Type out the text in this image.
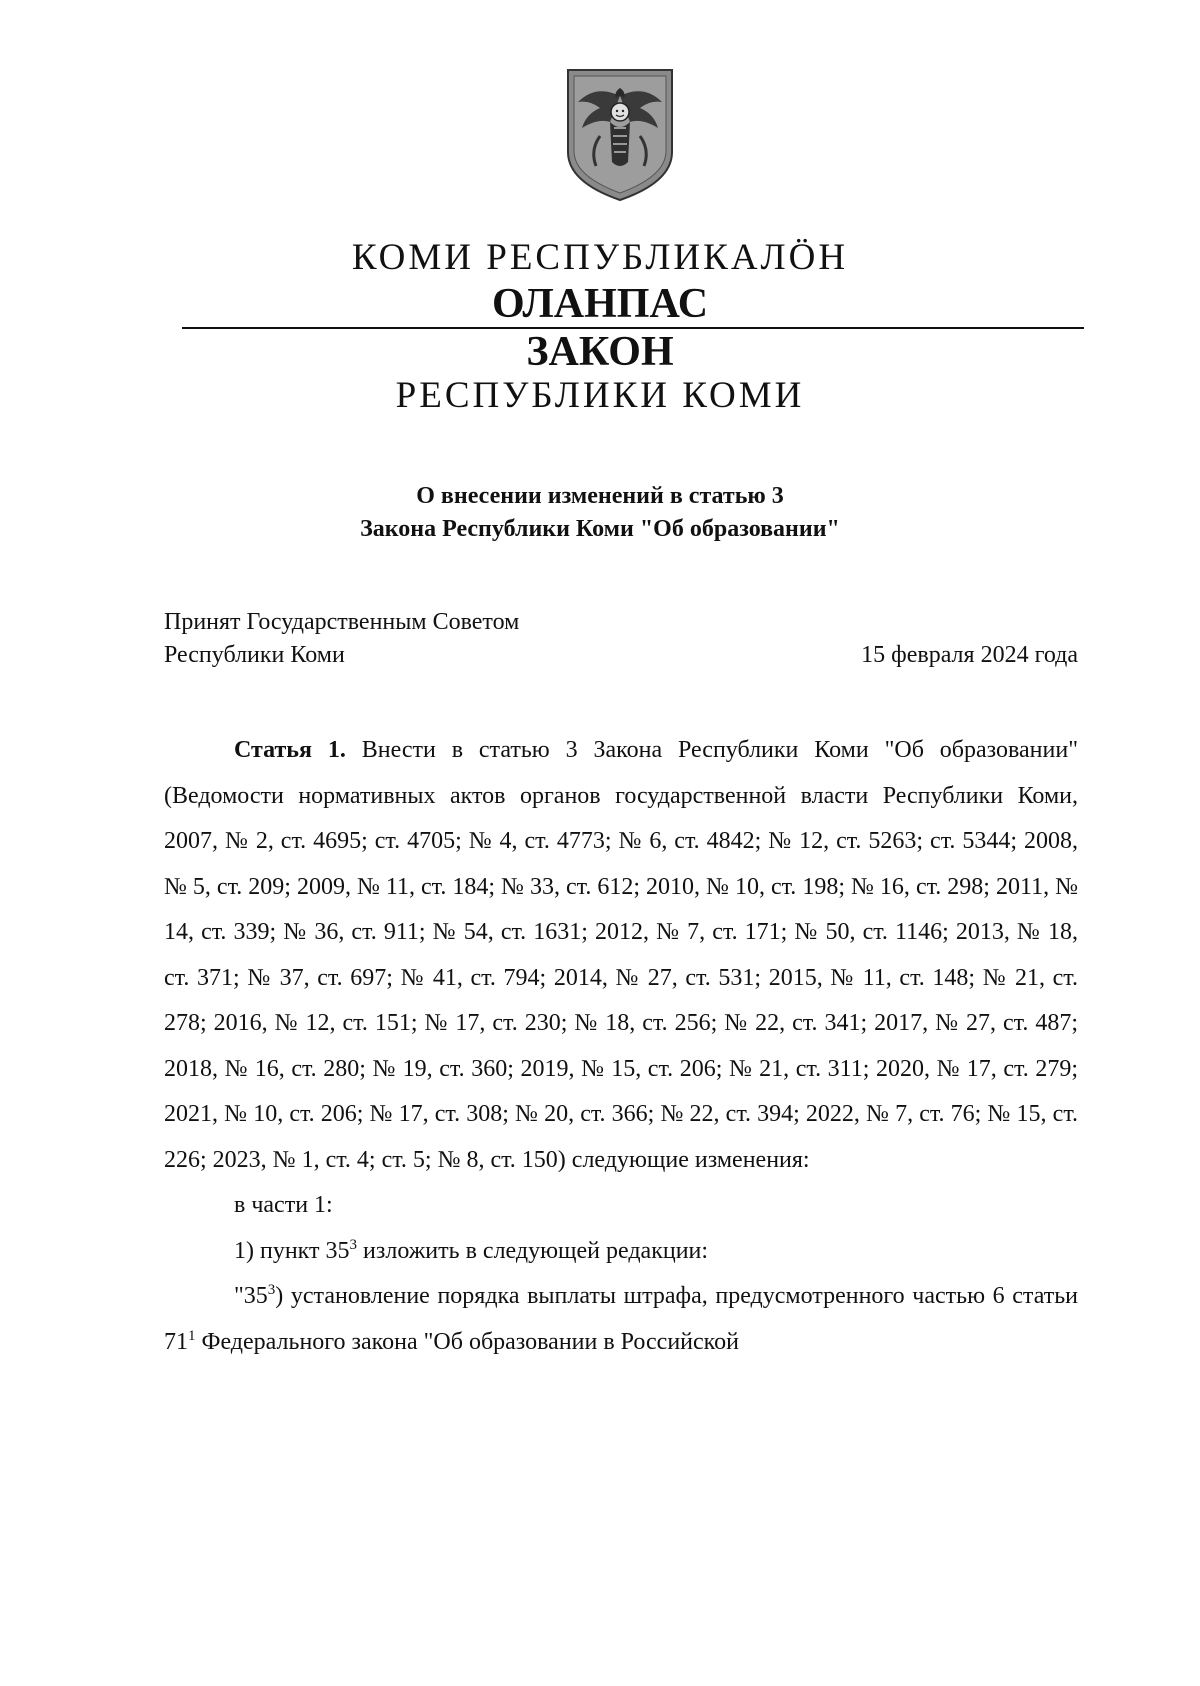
КОМИ РЕСПУБЛИКАЛӦН
ОЛАНПАС
ЗАКОН
РЕСПУБЛИКИ КОМИ
О внесении изменений в статью 3
Закона Республики Коми "Об образовании"
Принят Государственным Советом
Республики Коми	15 февраля 2024 года

Статья 1. Внести в статью 3 Закона Республики Коми "Об образовании" (Ведомости нормативных актов органов государственной власти Республики Коми, 2007, № 2, ст. 4695; ст. 4705; № 4, ст. 4773; № 6, ст. 4842; № 12, ст. 5263; ст. 5344; 2008, № 5, ст. 209; 2009, № 11, ст. 184; № 33, ст. 612; 2010, № 10, ст. 198; № 16, ст. 298; 2011, № 14, ст. 339; № 36, ст. 911; № 54, ст. 1631; 2012, № 7, ст. 171; № 50, ст. 1146; 2013, № 18, ст. 371; № 37, ст. 697; № 41, ст. 794; 2014, № 27, ст. 531; 2015, № 11, ст. 148; № 21, ст. 278; 2016, № 12, ст. 151; № 17, ст. 230; № 18, ст. 256; № 22, ст. 341; 2017, № 27, ст. 487; 2018, № 16, ст. 280; № 19, ст. 360; 2019, № 15, ст. 206; № 21, ст. 311; 2020, № 17, ст. 279; 2021, № 10, ст. 206; № 17, ст. 308; № 20, ст. 366; № 22, ст. 394; 2022, № 7, ст. 76; № 15, ст. 226; 2023, № 1, ст. 4; ст. 5; № 8, ст. 150) следующие изменения:

в части 1:

1) пункт $35^3$ изложить в следующей редакции:

"$35^3$) установление порядка выплаты штрафа, предусмотренного частью 6 статьи $71^1$ Федерального закона "Об образовании в Российской
